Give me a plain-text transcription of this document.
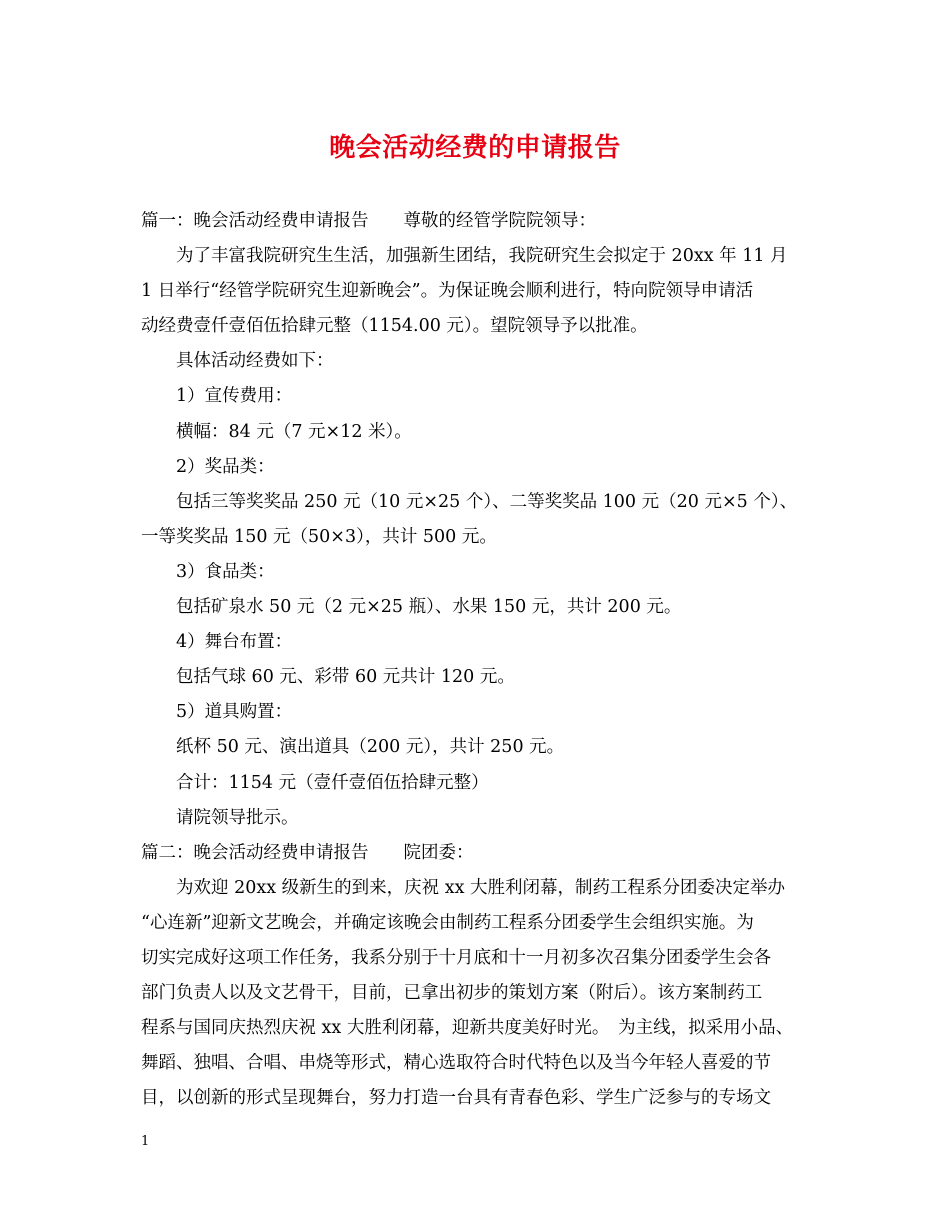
晚会活动经费的申请报告
篇一：晚会活动经费申请报告　　尊敬的经管学院院领导：
为了丰富我院研究生生活，加强新生团结，我院研究生会拟定于 20xx 年 11 月
1 日举行“经管学院研究生迎新晚会”。为保证晚会顺利进行，特向院领导申请活
动经费壹仟壹佰伍拾肆元整（1154.00 元）。望院领导予以批准。
具体活动经费如下：
1）宣传费用：
横幅：84 元（7 元×12 米）。
2）奖品类：
包括三等奖奖品 250 元（10 元×25 个）、二等奖奖品 100 元（20 元×5 个）、
一等奖奖品 150 元（50×3），共计 500 元。
3）食品类：
包括矿泉水 50 元（2 元×25 瓶）、水果 150 元，共计 200 元。
4）舞台布置：
包括气球 60 元、彩带 60 元共计 120 元。
5）道具购置：
纸杯 50 元、演出道具（200 元），共计 250 元。
合计：1154 元（壹仟壹佰伍拾肆元整）
请院领导批示。
篇二：晚会活动经费申请报告　　院团委：
为欢迎 20xx 级新生的到来，庆祝 xx 大胜利闭幕，制药工程系分团委决定举办
“心连新”迎新文艺晚会，并确定该晚会由制药工程系分团委学生会组织实施。为
切实完成好这项工作任务，我系分别于十月底和十一月初多次召集分团委学生会各
部门负责人以及文艺骨干，目前，已拿出初步的策划方案（附后）。该方案制药工
程系与国同庆热烈庆祝 xx 大胜利闭幕，迎新共度美好时光。　为主线，拟采用小品、
舞蹈、独唱、合唱、串烧等形式，精心选取符合时代特色以及当今年轻人喜爱的节
目，以创新的形式呈现舞台，努力打造一台具有青春色彩、学生广泛参与的专场文
1
